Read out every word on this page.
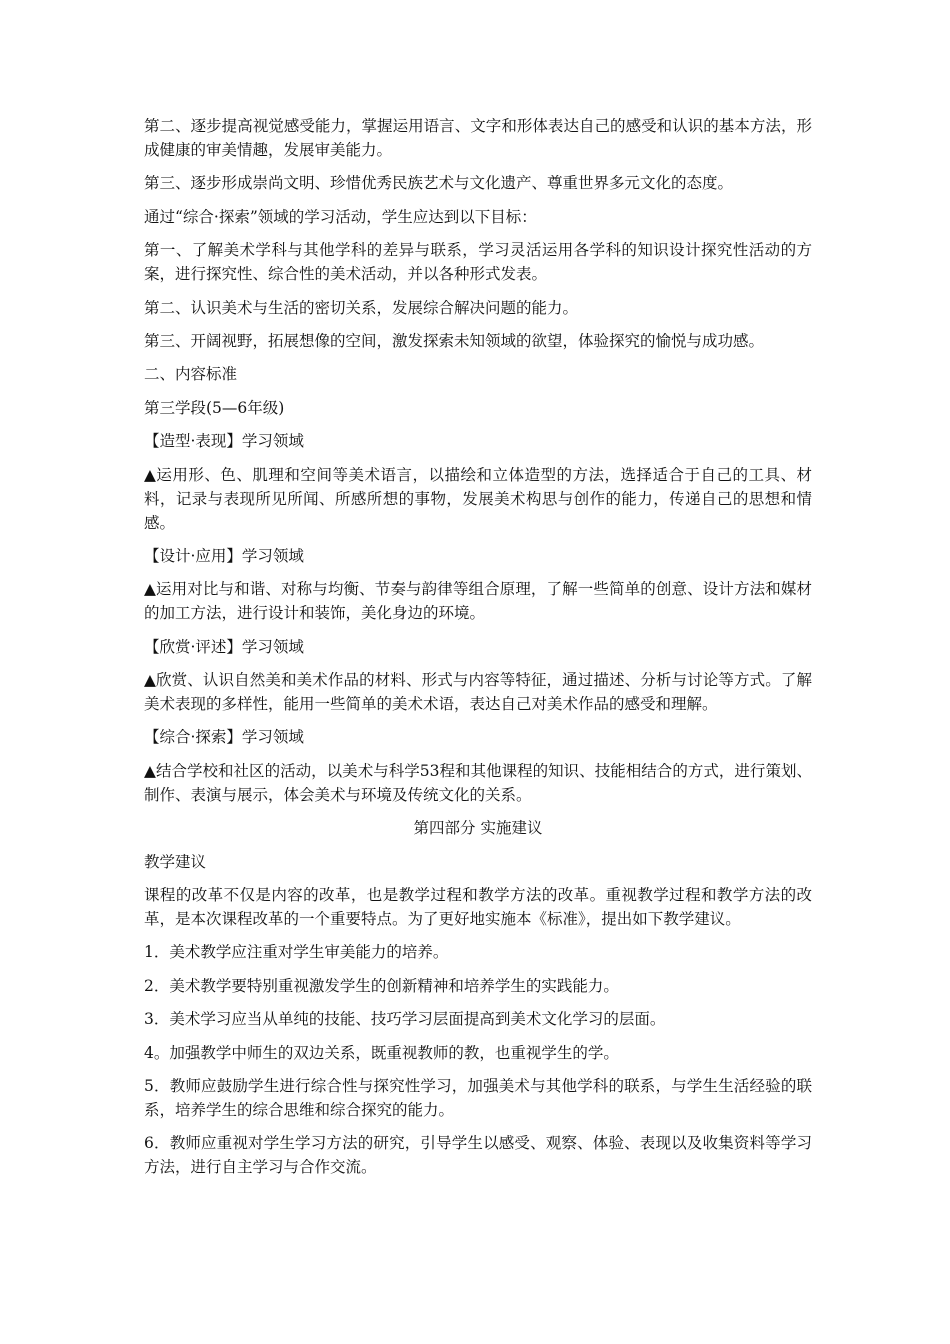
第二、逐步提高视觉感受能力，掌握运用语言、文字和形体表达自己的感受和认识的基本方法，形成健康的审美情趣，发展审美能力。

第三、逐步形成崇尚文明、珍惜优秀民族艺术与文化遗产、尊重世界多元文化的态度。

通过“综合·探索”领域的学习活动，学生应达到以下目标：

第一、了解美术学科与其他学科的差异与联系，学习灵活运用各学科的知识设计探究性活动的方案，进行探究性、综合性的美术活动，并以各种形式发表。

第二、认识美术与生活的密切关系，发展综合解决问题的能力。

第三、开阔视野，拓展想像的空间，激发探索未知领域的欲望，体验探究的愉悦与成功感。

二、内容标准

第三学段(5—6年级)

【造型·表现】学习领域

▲运用形、色、肌理和空间等美术语言，以描绘和立体造型的方法，选择适合于自己的工具、材料，记录与表现所见所闻、所感所想的事物，发展美术构思与创作的能力，传递自己的思想和情感。

【设计·应用】学习领域

▲运用对比与和谐、对称与均衡、节奏与韵律等组合原理，了解一些简单的创意、设计方法和媒材的加工方法，进行设计和装饰，美化身边的环境。

【欣赏·评述】学习领域

▲欣赏、认识自然美和美术作品的材料、形式与内容等特征，通过描述、分析与讨论等方式。了解美术表现的多样性，能用一些简单的美术术语，表达自己对美术作品的感受和理解。

【综合·探索】学习领域

▲结合学校和社区的活动，以美术与科学53程和其他课程的知识、技能相结合的方式，进行策划、制作、表演与展示，体会美术与环境及传统文化的关系。

第四部分 实施建议

教学建议

课程的改革不仅是内容的改革，也是教学过程和教学方法的改革。重视教学过程和教学方法的改革，是本次课程改革的一个重要特点。为了更好地实施本《标准》，提出如下教学建议。

1．美术教学应注重对学生审美能力的培养。

2．美术教学要特别重视激发学生的创新精神和培养学生的实践能力。

3．美术学习应当从单纯的技能、技巧学习层面提高到美术文化学习的层面。

4。加强教学中师生的双边关系，既重视教师的教，也重视学生的学。

5．教师应鼓励学生进行综合性与探究性学习，加强美术与其他学科的联系，与学生生活经验的联系，培养学生的综合思维和综合探究的能力。

6．教师应重视对学生学习方法的研究，引导学生以感受、观察、体验、表现以及收集资料等学习方法，进行自主学习与合作交流。
